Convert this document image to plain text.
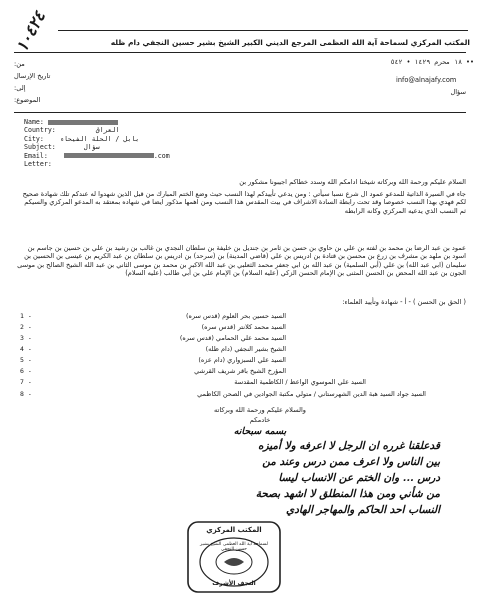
١٠٤٢٤	المكتب المركزي لسماحة آية الله العظمى المرجع الديني الكبير الشيخ بشير حسين النجفي دام ظله
١٨ محرم ١٤٢٩ • ٥٤٢ ••
info@alnajafy.com
سؤال
من:
تاريخ الإرسال
إلى:
الموضوع:
Name:
Country:	العراق
City: بابل / الحلة الفيحاء
Subject:	سؤال
Email:	.com
Letter:
السلام عليكم ورحمة الله وبركاته شيخنا ادامكم الله وسدد خطاكم اجيبونا مشكور بن
جاء في السيرة الذاتية للمدعو عمود ال شرع نسبا سيأتي : ومن يدعي تأييدكم لهذا النسب حيث وضع الختم المبارك من قبل الذين شهدوا له عندكم تلك شهادة صحيح لكم فهدي بهذا النسب خصوصا وقد تحت رابطة السادة الاشراف في بيت المقدس هذا النسب ومن اهمها مذكور ايضا في شهاده بمعتقد به المدعو المركزي والسيكم ثم النسب الذي يدعيه المركزي وكانه الرابطه
عمود بن عبد الرضا بن محمد بن لفته بن علي بن حاوي بن حسن بن ثامر بن جنديل بن خليفة بن سلطان النجدي بن غالب بن رشيد بن علي بن حسين بن جاسم بن اسود بن ملهد بن مشرف بن زرع بن محسن بن قتادة بن ادريس بن علي (قاضي المدينة) بن (سرحد) بن ادريس بن سلطان بن عبد الكريم بن عيسى بن الحسين بن سليمان (ابي عبد الله) بن علي (أبي السلمية) بن عبد الله بن ابي جعفر محمد الثعلبي بن عبد الله الاكبر بن محمد بن موسى الثاني بن عبد الله الشيخ الصالح بن موسى الجون بن عبد الله المحض بن الحسن المثنى بن الإمام الحسن الزكي (عليه السلام) بن الإمام علي بن أبي طالب (عليه السلام)
( الحق بن الحسن ) - أ - شهادة وتأييد العلماء:
1 -	السيد حسين بحر العلوم (قدس سره)
2 -	السيد محمد كلانتر (قدس سره)
3 -	السيد محمد علي الحمامي (قدس سره)
4 -	الشيخ بشير النجفي (دام ظله)
5 -	السيد علي السبزواري (دام عزه)
6 -	المؤرخ الشيخ باقر شريف القرشي
7 -	السيد علي الموسوي الواعظ / الكاظمية المقدسة
8 -	السيد جواد السيد هبة الدين الشهرستاني / متولي مكتبة الجوادين في الصحن الكاظمي
والسلام عليكم ورحمة الله وبركاته
خادمكم
بسمه سبحانه
قدعلقنا غرره ان الرجل لا اعرفه ولا أميزه
بين الناس ولا اعرف ممن درس وعند من
درس ... وان الختم عن الانساب ليسا
من شأني ومن هذا المنطلق لا اشهد بصحة
النساب احد الحاكم والمهاجر الهادي
المكتب المركزي
لسماحة آية الله العظمى الشيخ بشير حسين النجفي
النجف الأشرف
